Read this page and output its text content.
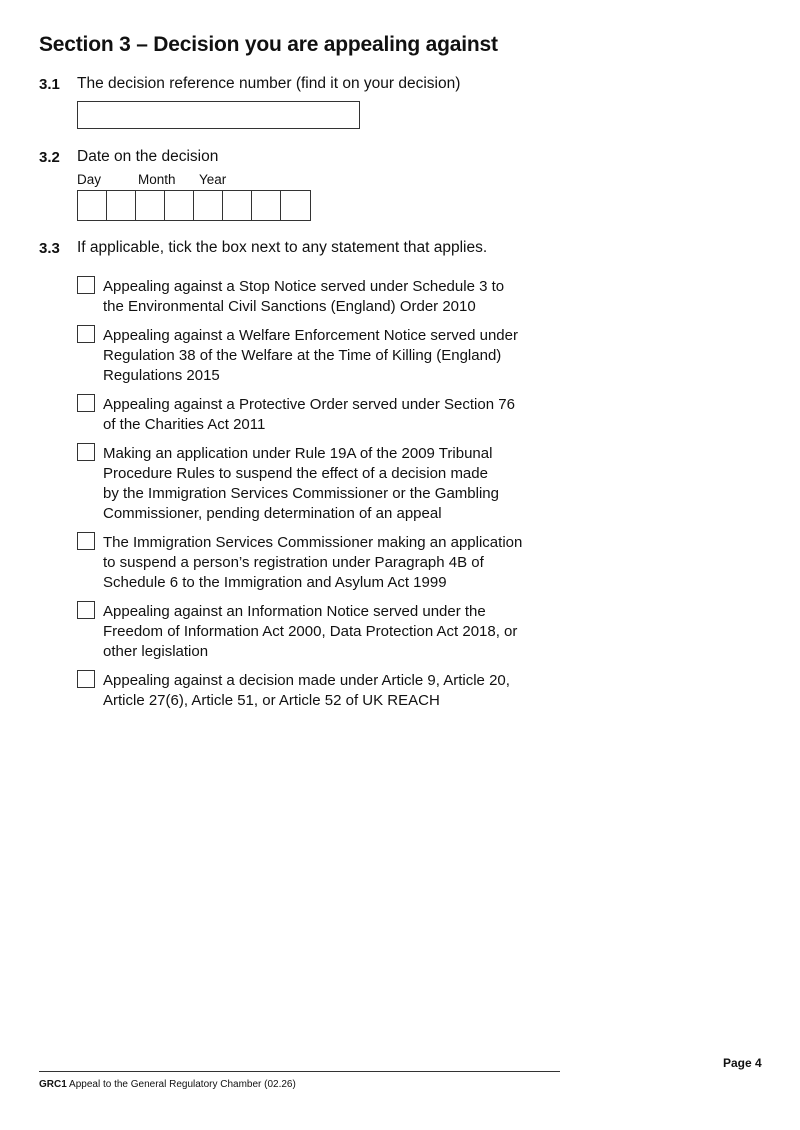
Section 3 – Decision you are appealing against
3.1 The decision reference number (find it on your decision)
3.2 Date on the decision
Day	Month Year
3.3 If applicable, tick the box next to any statement that applies.
Appealing against a Stop Notice served under Schedule 3 to
the Environmental Civil Sanctions (England) Order 2010
Appealing against a Welfare Enforcement Notice served under
Regulation 38 of the Welfare at the Time of Killing (England)
Regulations 2015
Appealing against a Protective Order served under Section 76
of the Charities Act 2011
Making an application under Rule 19A of the 2009 Tribunal
Procedure Rules to suspend the effect of a decision made
by the Immigration Services Commissioner or the Gambling
Commissioner, pending determination of an appeal
The Immigration Services Commissioner making an application
to suspend a person’s registration under Paragraph 4B of
Schedule 6 to the Immigration and Asylum Act 1999
Appealing against an Information Notice served under the
Freedom of Information Act 2000, Data Protection Act 2018, or
other legislation
Appealing against a decision made under Article 9, Article 20,
Article 27(6), Article 51, or Article 52 of UK REACH
Page 4
GRC1 Appeal to the General Regulatory Chamber (02.26)
